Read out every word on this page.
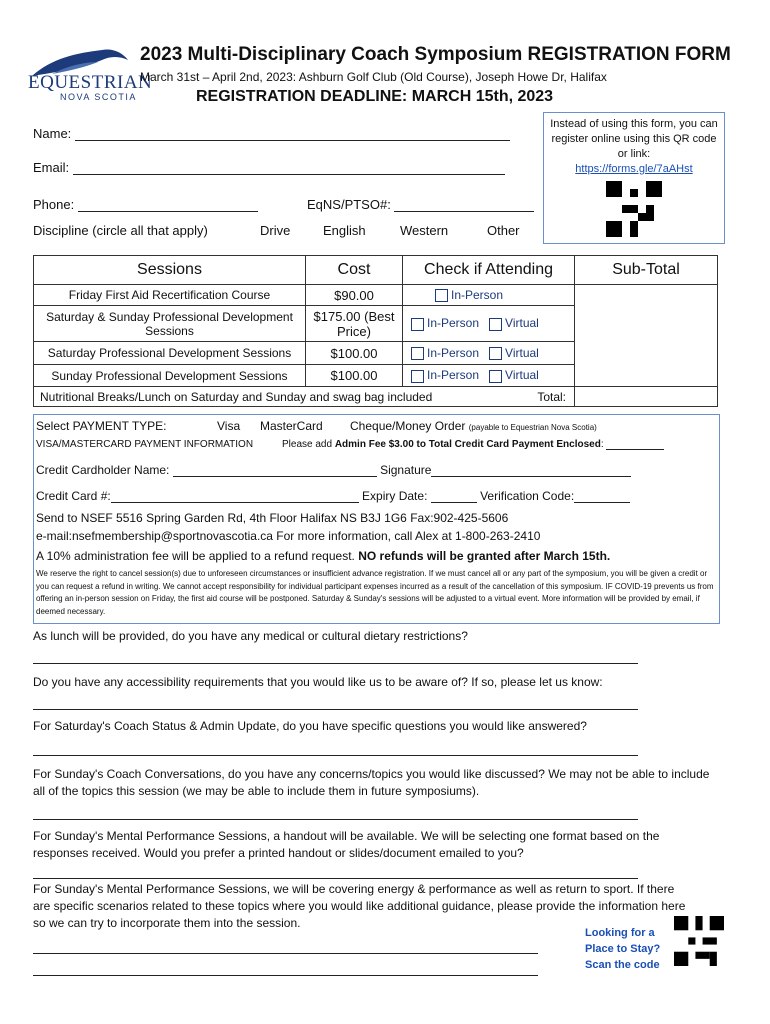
EQUESTRIAN
NOVA SCOTIA
2023 Multi-Disciplinary Coach Symposium REGISTRATION FORM
March 31st – April 2nd, 2023: Ashburn Golf Club (Old Course), Joseph Howe Dr, Halifax
REGISTRATION DEADLINE: MARCH 15th, 2023

Instead of using this form, you can register online using this QR code or link:

https://forms.gle/7aAHst

Name:
Email:
Phone:	EqNS/PTSO#:
Discipline (circle all that apply)	Drive	English	Western	Other
Sessions	Cost	Check if Attending	Sub-Total
Friday First Aid Recertification Course	$90.00	In-Person	
Saturday & Sunday Professional Development Sessions	$175.00 (Best Price)	In-Person Virtual	
Saturday Professional Development Sessions	$100.00	In-Person Virtual	
Sunday Professional Development Sessions	$100.00	In-Person Virtual	
Nutritional Breaks/Lunch on Saturday and Sunday and swag bag included Total:			

Select PAYMENT TYPE:	Visa MasterCard Cheque/Money Order (payable to Equestrian Nova Scotia)
VISA/MASTERCARD PAYMENT INFORMATION	Please add Admin Fee $3.00 to Total Credit Card Payment Enclosed:
Credit Cardholder Name:	Signature
Credit Card #:	Expiry Date:	Verification Code:
Send to NSEF 5516 Spring Garden Rd, 4th Floor Halifax NS B3J 1G6 Fax:902-425-5606
e-mail:nsefmembership@sportnovascotia.ca For more information, call Alex at 1-800-263-2410
A 10% administration fee will be applied to a refund request. NO refunds will be granted after March 15th.
We reserve the right to cancel session(s) due to unforeseen circumstances or insufficient advance registration. If we must cancel all or any part of the symposium, you will be given a credit or you can request a refund in writing. We cannot accept responsibility for individual participant expenses incurred as a result of the cancellation of this symposium. IF COVID-19 prevents us from offering an in-person session on Friday, the first aid course will be postponed. Saturday & Sunday's sessions will be adjusted to a virtual event. More information will be provided by email, if deemed necessary.
As lunch will be provided, do you have any medical or cultural dietary restrictions?
Do you have any accessibility requirements that you would like us to be aware of? If so, please let us know:
For Saturday's Coach Status & Admin Update, do you have specific questions you would like answered?
For Sunday's Coach Conversations, do you have any concerns/topics you would like discussed? We may not be able to include all of the topics this session (we may be able to include them in future symposiums).
For Sunday's Mental Performance Sessions, a handout will be available. We will be selecting one format based on the responses received. Would you prefer a printed handout or slides/document emailed to you?
For Sunday's Mental Performance Sessions, we will be covering energy & performance as well as return to sport. If there are specific scenarios related to these topics where you would like additional guidance, please provide the information here so we can try to incorporate them into the session.
Looking for a
Place to Stay?
Scan the code
